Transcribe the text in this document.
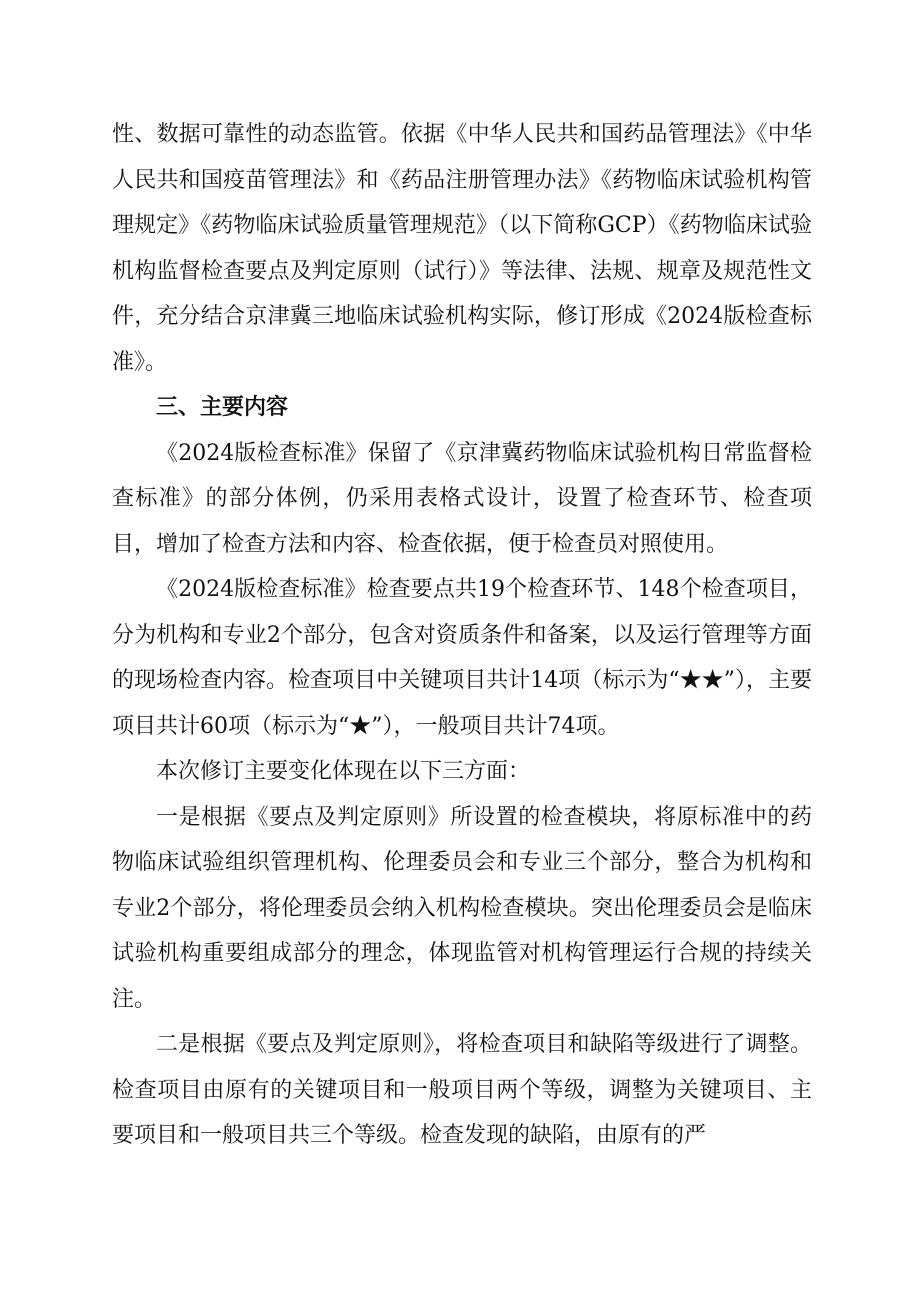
性、数据可靠性的动态监管。依据《中华人民共和国药品管理法》《中华人民共和国疫苗管理法》和《药品注册管理办法》《药物临床试验机构管理规定》《药物临床试验质量管理规范》（以下简称GCP）《药物临床试验机构监督检查要点及判定原则（试行）》等法律、法规、规章及规范性文件，充分结合京津冀三地临床试验机构实际，修订形成《2024版检查标准》。

三、主要内容

《2024版检查标准》保留了《京津冀药物临床试验机构日常监督检查标准》的部分体例，仍采用表格式设计，设置了检查环节、检查项目，增加了检查方法和内容、检查依据，便于检查员对照使用。

《2024版检查标准》检查要点共19个检查环节、148个检查项目，分为机构和专业2个部分，包含对资质条件和备案，以及运行管理等方面的现场检查内容。检查项目中关键项目共计14项（标示为“★★”），主要项目共计60项（标示为“★”），一般项目共计74项。

本次修订主要变化体现在以下三方面：

一是根据《要点及判定原则》所设置的检查模块，将原标准中的药物临床试验组织管理机构、伦理委员会和专业三个部分，整合为机构和专业2个部分，将伦理委员会纳入机构检查模块。突出伦理委员会是临床试验机构重要组成部分的理念，体现监管对机构管理运行合规的持续关注。

二是根据《要点及判定原则》，将检查项目和缺陷等级进行了调整。检查项目由原有的关键项目和一般项目两个等级，调整为关键项目、主要项目和一般项目共三个等级。检查发现的缺陷，由原有的严
